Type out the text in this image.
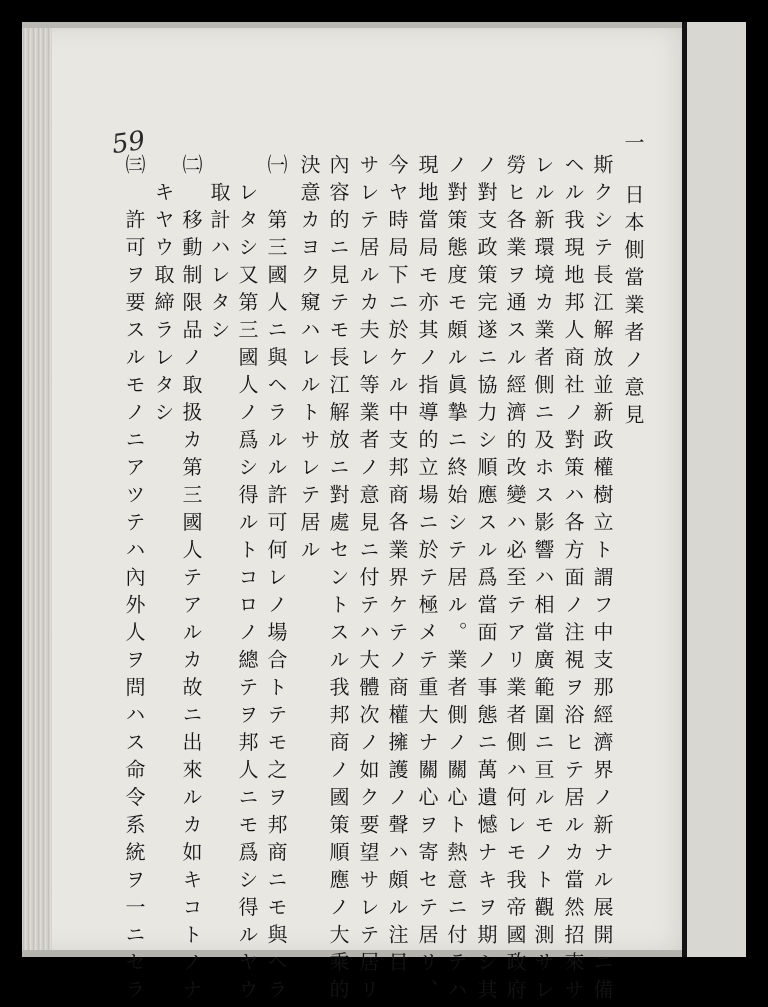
59	一
日本側當業者ノ意見
斯クシテ長江解放並新政權樹立ト謂フ中支那經濟界ノ新ナル展開ニ備
ヘル我現地邦人商社ノ對策ハ各方面ノ注視ヲ浴ヒテ居ルカ當然招來サ
レル新環境カ業者側ニ及ホス影響ハ相當廣範圍ニ亘ルモノト觀測サレ
勞ヒ各業ヲ通スル經濟的改變ハ必至テアリ業者側ハ何レモ我帝國政府
ノ對支政策完遂ニ協力シ順應スル爲當面ノ事態ニ萬遺憾ナキヲ期シ其
ノ對策態度モ頗ル眞摯ニ終始シテ居ル。業者側ノ關心ト熱意ニ付テハ
現地當局モ亦其ノ指導的立場ニ於テ極メテ重大ナ關心ヲ寄セテ居リ、
今ヤ時局下ニ於ケル中支邦商各業界ケテノ商權擁護ノ聲ハ頗ル注目
サレテ居ルカ夫レ等業者ノ意見ニ付テハ大體次ノ如ク要望サレテ居リ
內容的ニ見テモ長江解放ニ對處セントスル我邦商ノ國策順應ノ大乘的
決意カヨク窺ハレルトサレテ居ル
㈠　第三國人ニ與ヘラルル許可何レノ場合トテモ之ヲ邦商ニモ與ヘラ
　レタシ又第三國人ノ爲シ得ルトコロノ總テヲ邦人ニモ爲シ得ルヤウ
　取計ハレタシ
㈡　移動制限品ノ取扱カ第三國人テアルカ故ニ出來ルカ如キコトノナ
　キヤウ取締ラレタシ
㈢　許可ヲ要スルモノニアツテハ內外人ヲ問ハス命令系統ヲ一ニセラ
